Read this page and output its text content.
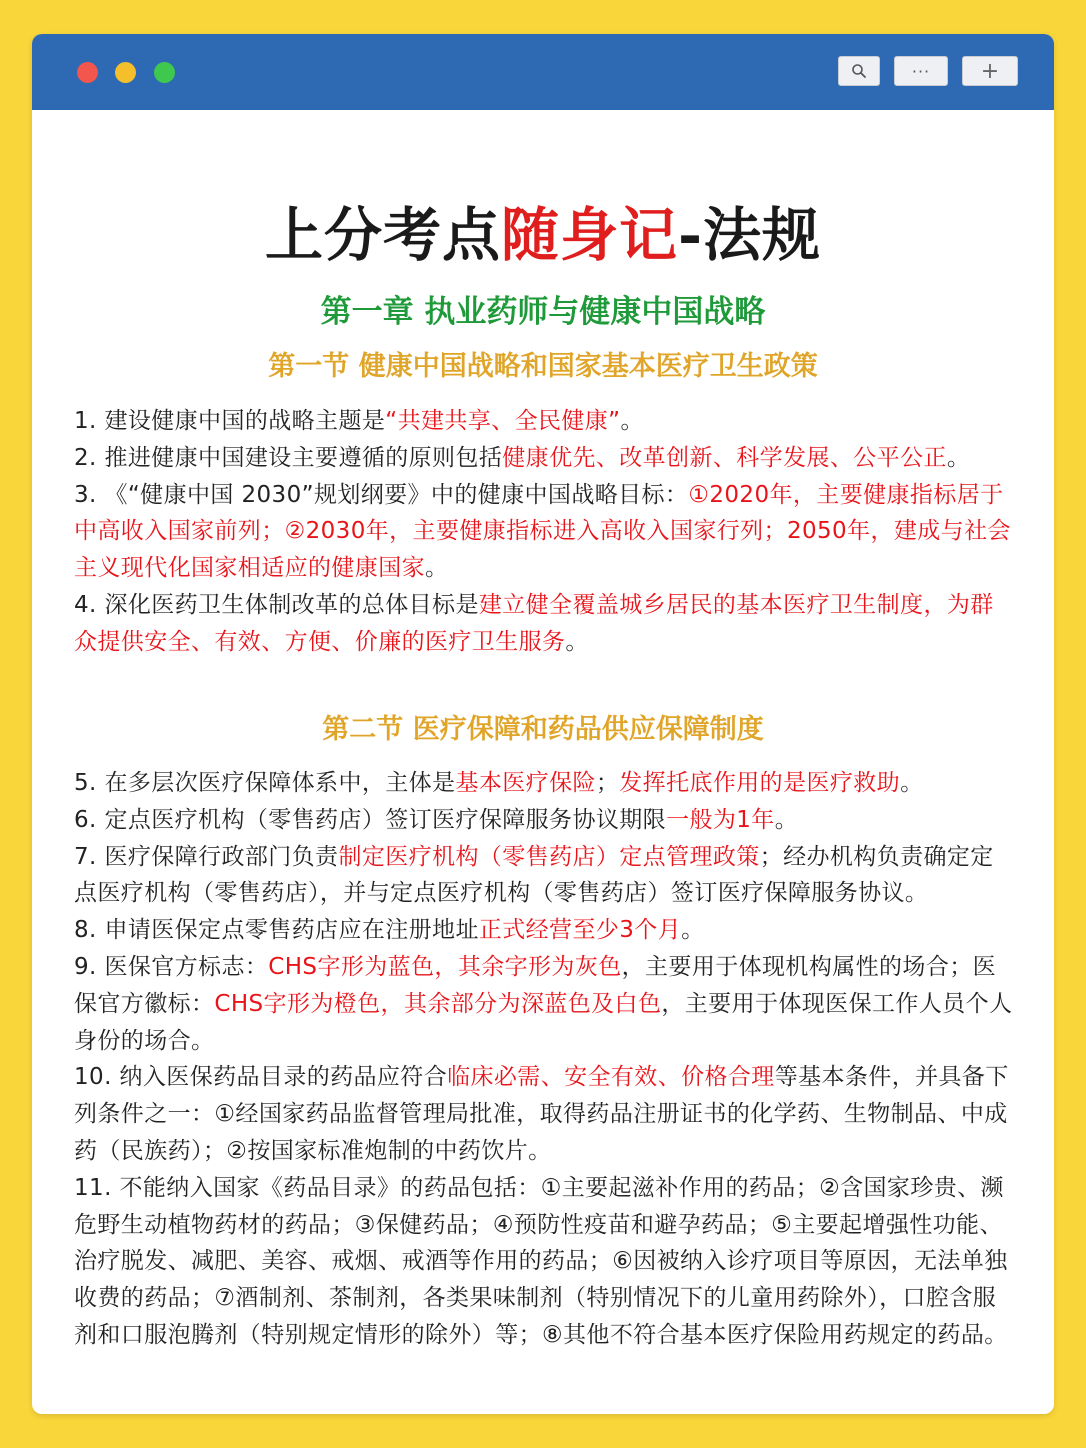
··· +
上分考点随身记-法规
第一章 执业药师与健康中国战略
第一节 健康中国战略和国家基本医疗卫生政策

1. 建设健康中国的战略主题是“共建共享、全民健康”。

2. 推进健康中国建设主要遵循的原则包括健康优先、改革创新、科学发展、公平公正。

3. 《“健康中国 2030”规划纲要》中的健康中国战略目标：①2020年，主要健康指标居于中高收入国家前列；②2030年，主要健康指标进入高收入国家行列；2050年，建成与社会主义现代化国家相适应的健康国家。

4. 深化医药卫生体制改革的总体目标是建立健全覆盖城乡居民的基本医疗卫生制度，为群众提供安全、有效、方便、价廉的医疗卫生服务。

第二节 医疗保障和药品供应保障制度

5. 在多层次医疗保障体系中，主体是基本医疗保险；发挥托底作用的是医疗救助。

6. 定点医疗机构（零售药店）签订医疗保障服务协议期限一般为1年。

7. 医疗保障行政部门负责制定医疗机构（零售药店）定点管理政策；经办机构负责确定定点医疗机构（零售药店），并与定点医疗机构（零售药店）签订医疗保障服务协议。

8. 申请医保定点零售药店应在注册地址正式经营至少3个月。

9. 医保官方标志：CHS字形为蓝色，其余字形为灰色，主要用于体现机构属性的场合；医保官方徽标：CHS字形为橙色，其余部分为深蓝色及白色，主要用于体现医保工作人员个人身份的场合。

10. 纳入医保药品目录的药品应符合临床必需、安全有效、价格合理等基本条件，并具备下列条件之一：①经国家药品监督管理局批准，取得药品注册证书的化学药、生物制品、中成药（民族药）；②按国家标准炮制的中药饮片。

11. 不能纳入国家《药品目录》的药品包括：①主要起滋补作用的药品；②含国家珍贵、濒危野生动植物药材的药品；③保健药品；④预防性疫苗和避孕药品；⑤主要起增强性功能、治疗脱发、减肥、美容、戒烟、戒酒等作用的药品；⑥因被纳入诊疗项目等原因，无法单独收费的药品；⑦酒制剂、茶制剂，各类果味制剂（特别情况下的儿童用药除外），口腔含服剂和口服泡腾剂（特别规定情形的除外）等；⑧其他不符合基本医疗保险用药规定的药品。
